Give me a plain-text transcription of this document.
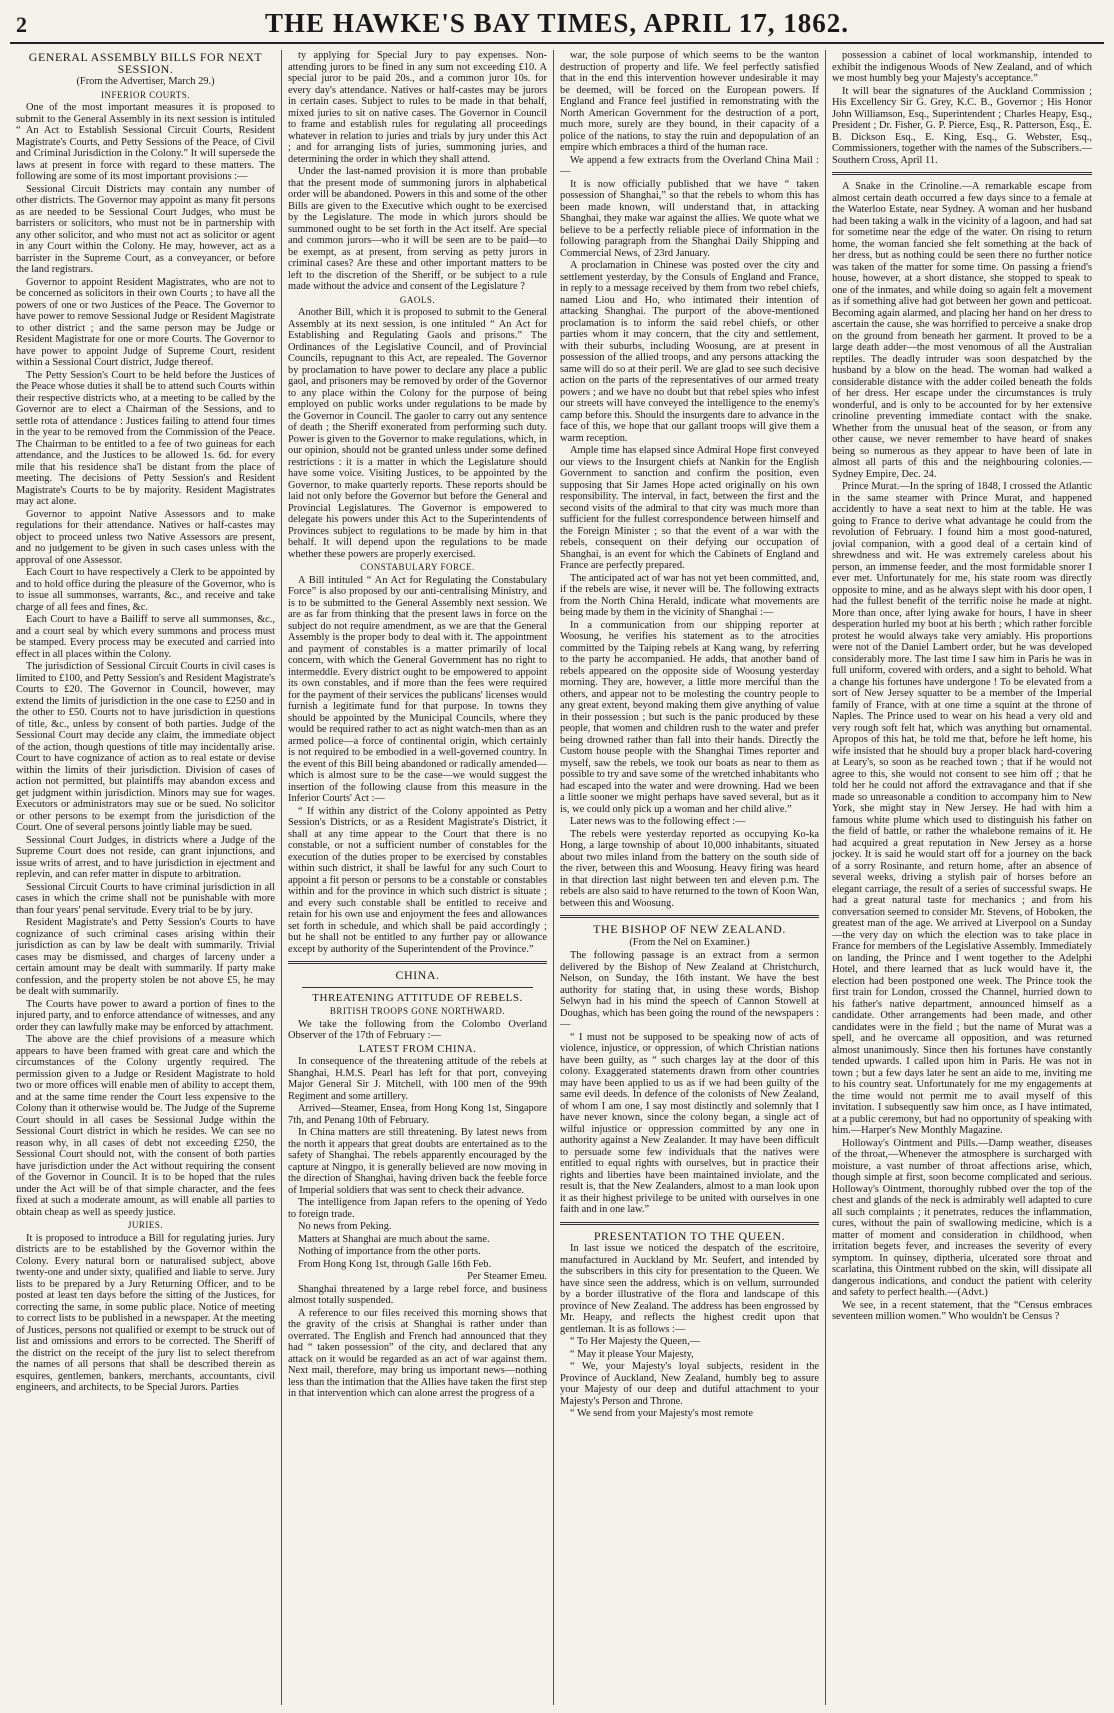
2	THE HAWKE'S BAY TIMES, APRIL 17, 1862.
GENERAL ASSEMBLY BILLS FOR NEXT SESSION.

(From the Advertiser, March 29.)

INFERIOR COURTS.

One of the most important measures it is proposed to submit to the General Assembly in its next session is intituled “ An Act to Establish Sessional Circuit Courts, Resident Magistrate's Courts, and Petty Sessions of the Peace, of Civil and Criminal Jurisdiction in the Colony.” It will supersede the laws at present in force with regard to these matters. The following are some of its most important provisions :—

Sessional Circuit Districts may contain any number of other districts. The Governor may appoint as many fit persons as are needed to be Sessional Court Judges, who must be barristers or solicitors, who must not be in partnership with any other solicitor, and who must not act as solicitor or agent in any Court within the Colony. He may, however, act as a barrister in the Supreme Court, as a conveyancer, or before the land registrars.

Governor to appoint Resident Magistrates, who are not to be concerned as solicitors in their own Courts ; to have all the powers of one or two Justices of the Peace. The Governor to have power to remove Sessional Judge or Resident Magistrate to other district ; and the same person may be Judge or Resident Magistrate for one or more Courts. The Governor to have power to appoint Judge of Supreme Court, resident within a Sessional Court district, Judge thereof.

The Petty Session's Court to be held before the Justices of the Peace whose duties it shall be to attend such Courts within their respective districts who, at a meeting to be called by the Governor are to elect a Chairman of the Sessions, and to settle rota of attendance : Justices failing to attend four times in the year to be removed from the Commission of the Peace. The Chairman to be entitled to a fee of two guineas for each attendance, and the Justices to be allowed 1s. 6d. for every mile that his residence sha'l be distant from the place of meeting. The decisions of Petty Session's and Resident Magistrate's Courts to be by majority. Resident Magistrates may act alone.

Governor to appoint Native Assessors and to make regulations for their attendance. Natives or half-castes may object to proceed unless two Native Assessors are present, and no judgement to be given in such cases unless with the approval of one Assessor.

Each Court to have respectively a Clerk to be appointed by and to hold office during the pleasure of the Governor, who is to issue all summonses, warrants, &c., and receive and take charge of all fees and fines, &c.

Each Court to have a Bailiff to serve all summonses, &c., and a court seal by which every summons and process must be stamped. Every process may be executed and carried into effect in all places within the Colony.

The jurisdiction of Sessional Circuit Courts in civil cases is limited to £100, and Petty Session's and Resident Magistrate's Courts to £20. The Governor in Council, however, may extend the limits of jurisdiction in the one case to £250 and in the other to £50. Courts not to have jurisdiction in questions of title, &c., unless by consent of both parties. Judge of the Sessional Court may decide any claim, the immediate object of the action, though questions of title may incidentally arise. Court to have cognizance of action as to real estate or devise within the limits of their jurisdiction. Division of cases of action not permitted, but plaintiffs may abandon excess and get judgment within jurisdiction. Minors may sue for wages. Executors or administrators may sue or be sued. No solicitor or other persons to be exempt from the jurisdiction of the Court. One of several persons jointly liable may be sued.

Sessional Court Judges, in districts where a Judge of the Supreme Court does not reside, can grant injunctions, and issue writs of arrest, and to have jurisdiction in ejectment and replevin, and can refer matter in dispute to arbitration.

Sessional Circuit Courts to have criminal jurisdiction in all cases in which the crime shall not be punishable with more than four years' penal servitude. Every trial to be by jury.

Resident Magistrate's and Petty Session's Courts to have cognizance of such criminal cases arising within their jurisdiction as can by law be dealt with summarily. Trivial cases may be dismissed, and charges of larceny under a certain amount may be dealt with summarily. If party make confession, and the property stolen be not above £5, he may be dealt with summarily.

The Courts have power to award a portion of fines to the injured party, and to enforce attendance of witnesses, and any order they can lawfully make may be enforced by attachment.

The above are the chief provisions of a measure which appears to have been framed with great care and which the circumstances of the Colony urgently required. The permission given to a Judge or Resident Magistrate to hold two or more offices will enable men of ability to accept them, and at the same time render the Court less expensive to the Colony than it otherwise would be. The Judge of the Supreme Court should in all cases be Sessional Judge within the Sessional Court district in which he resides. We can see no reason why, in all cases of debt not exceeding £250, the Sessional Court should not, with the consent of both parties have jurisdiction under the Act without requiring the consent of the Governor in Council. It is to be hoped that the rules under the Act will be of that simple character, and the fees fixed at such a moderate amount, as will enable all parties to obtain cheap as well as speedy justice.

JURIES.

It is proposed to introduce a Bill for regulating juries. Jury districts are to be established by the Governor within the Colony. Every natural born or naturalised subject, above twenty-one and under sixty, qualified and liable to serve. Jury lists to be prepared by a Jury Returning Officer, and to be posted at least ten days before the sitting of the Justices, for correcting the same, in some public place. Notice of meeting to correct lists to be published in a newspaper. At the meeting of Justices, persons not qualified or exempt to be struck out of list and omissions and errors to be corrected. The Sheriff of the district on the receipt of the jury list to select therefrom the names of all persons that shall be described therein as esquires, gentlemen, bankers, merchants, accountants, civil engineers, and architects, to be Special Jurors. Parties

ty applying for Special Jury to pay expenses. Non-attending jurors to be fined in any sum not exceeding £10. A special juror to be paid 20s., and a common juror 10s. for every day's attendance. Natives or half-castes may be jurors in certain cases. Subject to rules to be made in that behalf, mixed juries to sit on native cases. The Governor in Council to frame and establish rules for regulating all proceedings whatever in relation to juries and trials by jury under this Act ; and for arranging lists of juries, summoning juries, and determining the order in which they shall attend.

Under the last-named provision it is more than probable that the present mode of summoning jurors in alphabetical order will be abandoned. Powers in this and some of the other Bills are given to the Executive which ought to be exercised by the Legislature. The mode in which jurors should be summoned ought to be set forth in the Act itself. Are special and common jurors—who it will be seen are to be paid—to be exempt, as at present, from serving as petty jurors in criminal cases? Are these and other important matters to be left to the discretion of the Sheriff, or be subject to a rule made without the advice and consent of the Legislature ?

GAOLS.

Another Bill, which it is proposed to submit to the General Assembly at its next session, is one intituled “ An Act for Establishing and Regulating Gaols and prisons.” The Ordinances of the Legislative Council, and of Provincial Councils, repugnant to this Act, are repealed. The Governor by proclamation to have power to declare any place a public gaol, and prisoners may be removed by order of the Governor to any place within the Colony for the purpose of being employed on public works under regulations to be made by the Governor in Council. The gaoler to carry out any sentence of death ; the Sheriff exonerated from performing such duty. Power is given to the Governor to make regulations, which, in our opinion, should not be granted unless under some defined restrictions : it is a matter in which the Legislature should have some voice. Visiting Justices, to be appointed by the Governor, to make quarterly reports. These reports should be laid not only before the Governor but before the General and Provincial Legislatures. The Governor is empowered to delegate his powers under this Act to the Superintendents of Provinces subject to regulations to be made by him in that behalf. It will depend upon the regulations to be made whether these powers are properly exercised.

CONSTABULARY FORCE.

A Bill intituled “ An Act for Regulating the Constabulary Force” is also proposed by our anti-centralising Ministry, and is to be submitted to the General Assembly next session. We are as far from thinking that the present laws in force on the subject do not require amendment, as we are that the General Assembly is the proper body to deal with it. The appointment and payment of constables is a matter primarily of local concern, with which the General Government has no right to intermeddle. Every district ought to be empowered to appoint its own constables, and if more than the fees were required for the payment of their services the publicans' licenses would furnish a legitimate fund for that purpose. In towns they should be appointed by the Municipal Councils, where they would be required rather to act as night watch-men than as an armed police—a force of continental origin, which certainly is not required to be embodied in a well-governed country. In the event of this Bill being abandoned or radically amended—which is almost sure to be the case—we would suggest the insertion of the following clause from this measure in the Inferior Courts' Act :—

“ If within any district of the Colony appointed as Petty Session's Districts, or as a Resident Magistrate's District, it shall at any time appear to the Court that there is no constable, or not a sufficient number of constables for the execution of the duties proper to be exercised by constables within such district, it shall be lawful for any such Court to appoint a fit person or persons to be a constable or constables within and for the province in which such district is situate ; and every such constable shall be entitled to receive and retain for his own use and enjoyment the fees and allowances set forth in schedule, and which shall be paid accordingly ; but he shall not be entitled to any further pay or allowance except by authority of the Superintendent of the Province.”

CHINA.
THREATENING ATTITUDE OF REBELS.
BRITISH TROOPS GONE NORTHWARD.

We take the following from the Colombo Overland Observer of the 17th of February :—

LATEST FROM CHINA.

In consequence of the threatening attitude of the rebels at Shanghai, H.M.S. Pearl has left for that port, conveying Major General Sir J. Mitchell, with 100 men of the 99th Regiment and some artillery.

Arrived—Steamer, Ensea, from Hong Kong 1st, Singapore 7th, and Penang 10th of February.

In China matters are still threatening. By latest news from the north it appears that great doubts are entertained as to the safety of Shanghai. The rebels apparently encouraged by the capture at Ningpo, it is generally believed are now moving in the direction of Shanghai, having driven back the feeble force of Imperial soldiers that was sent to check their advance.

The intelligence from Japan refers to the opening of Yedo to foreign trade.

No news from Peking.

Matters at Shanghai are much about the same.

Nothing of importance from the other ports.

From Hong Kong 1st, through Galle 16th Feb.

Per Steamer Emeu.

Shanghai threatened by a large rebel force, and business almost totally suspended.

A reference to our files received this morning shows that the gravity of the crisis at Shanghai is rather under than overrated. The English and French had announced that they had “ taken possession” of the city, and declared that any attack on it would be regarded as an act of war against them. Next mail, therefore, may bring us important news—nothing less than the intimation that the Allies have taken the first step in that intervention which can alone arrest the progress of a

war, the sole purpose of which seems to be the wanton destruction of property and life. We feel perfectly satisfied that in the end this intervention however undesirable it may be deemed, will be forced on the European powers. If England and France feel justified in remonstrating with the North American Government for the destruction of a port, much more, surely are they bound, in their capacity of a police of the nations, to stay the ruin and depopulation of an empire which embraces a third of the human race.

We append a few extracts from the Overland China Mail :—

It is now officially published that we have “ taken possession of Shanghai,” so that the rebels to whom this has been made known, will understand that, in attacking Shanghai, they make war against the allies. We quote what we believe to be a perfectly reliable piece of information in the following paragraph from the Shanghai Daily Shipping and Commercial News, of 23rd January.

A proclamation in Chinese was posted over the city and settlement yesterday, by the Consuls of England and France, in reply to a message received by them from two rebel chiefs, named Liou and Ho, who intimated their intention of attacking Shanghai. The purport of the above-mentioned proclamation is to inform the said rebel chiefs, or other parties whom it may concern, that the city and settlement, with their suburbs, including Woosung, are at present in possession of the allied troops, and any persons attacking the same will do so at their peril. We are glad to see such decisive action on the parts of the representatives of our armed treaty powers ; and we have no doubt but that rebel spies who infest our streets will have conveyed the intelligence to the enemy's camp before this. Should the insurgents dare to advance in the face of this, we hope that our gallant troops will give them a warm reception.

Ample time has elapsed since Admiral Hope first conveyed our views to the Insurgent chiefs at Nankin for the English Government to sanction and confirm the position, even supposing that Sir James Hope acted originally on his own responsibility. The interval, in fact, between the first and the second visits of the admiral to that city was much more than sufficient for the fullest correspondence between himself and the Foreign Minister ; so that the event of a war with the rebels, consequent on their defying our occupation of Shanghai, is an event for which the Cabinets of England and France are perfectly prepared.

The anticipated act of war has not yet been committed, and, if the rebels are wise, it never will be. The following extracts from the North China Herald, indicate what movements are being made by them in the vicinity of Shanghai :—

In a communication from our shipping reporter at Woosung, he verifies his statement as to the atrocities committed by the Taiping rebels at Kang wang, by referring to the party he accompanied. He adds, that another band of rebels appeared on the opposite side of Woosung yesterday morning. They are, however, a little more merciful than the others, and appear not to be molesting the country people to any great extent, beyond making them give anything of value in their possession ; but such is the panic produced by these people, that women and children rush to the water and prefer being drowned rather than fall into their hands. Directly the Custom house people with the Shanghai Times reporter and myself, saw the rebels, we took our boats as near to them as possible to try and save some of the wretched inhabitants who had escaped into the water and were drowning. Had we been a little sooner we might perhaps have saved several, but as it is, we could only pick up a woman and her child alive.”

Later news was to the following effect :—

The rebels were yesterday reported as occupying Ko-ka Hong, a large township of about 10,000 inhabitants, situated about two miles inland from the battery on the south side of the river, between this and Woosung. Heavy firing was heard in that direction last night between ten and eleven p.m. The rebels are also said to have returned to the town of Koon Wan, between this and Woosung.

THE BISHOP OF NEW ZEALAND.

(From the Nel on Examiner.)

The following passage is an extract from a sermon delivered by the Bishop of New Zealand at Christchurch, Nelson, on Sunday, the 16th instant. We have the best authority for stating that, in using these words, Bishop Selwyn had in his mind the speech of Cannon Stowell at Doughas, which has been going the round of the newspapers :—

“ I must not be supposed to be speaking now of acts of violence, injustice, or oppression, of which Christian nations have been guilty, as “ such charges lay at the door of this colony. Exaggerated statements drawn from other countries may have been applied to us as if we had been guilty of the same evil deeds. In defence of the colonists of New Zealand, of whom I am one, I say most distinctly and solemnly that I have never known, since the colony began, a single act of wilful injustice or oppression committed by any one in authority against a New Zealander. It may have been difficult to persuade some few individuals that the natives were entitled to equal rights with ourselves, but in practice their rights and liberties have been maintained inviolate, and the result is, that the New Zealanders, almost to a man look upon it as their highest privilege to be united with ourselves in one faith and in one law.”

PRESENTATION TO THE QUEEN.

In last issue we noticed the despatch of the escritoire, manufactured in Auckland by Mr. Seufert, and intended by the subscribers in this city for presentation to the Queen. We have since seen the address, which is on vellum, surrounded by a border illustrative of the flora and landscape of this province of New Zealand. The address has been engrossed by Mr. Heapy, and reflects the highest credit upon that gentleman. It is as follows :—

“ To Her Majesty the Queen,—

“ May it please Your Majesty,

“ We, your Majesty's loyal subjects, resident in the Province of Auckland, New Zealand, humbly beg to assure your Majesty of our deep and dutiful attachment to your Majesty's Person and Throne.

“ We send from your Majesty's most remote

possession a cabinet of local workmanship, intended to exhibit the indigenous Woods of New Zealand, and of which we most humbly beg your Majesty's acceptance.”

It will bear the signatures of the Auckland Commission ; His Excellency Sir G. Grey, K.C. B., Governor ; His Honor John Williamson, Esq., Superintendent ; Charles Heapy, Esq., President ; Dr. Fisher, G. P. Pierce, Esq., R. Patterson, Esq., E. B. Dickson Esq., E. King, Esq., G. Webster, Esq., Commissioners, together with the names of the Subscribers.—Southern Cross, April 11.

A Snake in the Crinoline.—A remarkable escape from almost certain death occurred a few days since to a female at the Waterloo Estate, near Sydney. A woman and her husband had been taking a walk in the vicinity of a lagoon, and had sat for sometime near the edge of the water. On rising to return home, the woman fancied she felt something at the back of her dress, but as nothing could be seen there no further notice was taken of the matter for some time. On passing a friend's house, however, at a short distance, she stopped to speak to one of the inmates, and while doing so again felt a movement as if something alive had got between her gown and petticoat. Becoming again alarmed, and placing her hand on her dress to ascertain the cause, she was horrified to perceive a snake drop on the ground from beneath her garment. It proved to be a large death adder—the most venomous of all the Australian reptiles. The deadly intruder was soon despatched by the husband by a blow on the head. The woman had walked a considerable distance with the adder coiled beneath the folds of her dress. Her escape under the circumstances is truly wonderful, and is only to be accounted for by her extensive crinoline preventing immediate contact with the snake. Whether from the unusual heat of the season, or from any other cause, we never remember to have heard of snakes being so numerous as they appear to have been of late in almost all parts of this and the neighbouring colonies.—Sydney Empire, Dec. 24.

Prince Murat.—In the spring of 1848, I crossed the Atlantic in the same steamer with Prince Murat, and happened accidently to have a seat next to him at the table. He was going to France to derive what advantage he could from the revolution of February. I found him a most good-natured, jovial companion, with a good deal of a certain kind of shrewdness and wit. He was extremely careless about his person, an immense feeder, and the most formidable snorer I ever met. Unfortunately for me, his state room was directly opposite to mine, and as he always slept with his door open, I had the fullest benefit of the terrific noise he made at night. More than once, after lying awake for hours, I have in sheer desperation hurled my boot at his berth ; which rather forcible protest he would always take very amiably. His proportions were not of the Daniel Lambert order, but he was developed considerably more. The last time I saw him in Paris he was in full uniform, covered with orders, and a sight to behold. What a change his fortunes have undergone ! To be elevated from a sort of New Jersey squatter to be a member of the Imperial family of France, with at one time a squint at the throne of Naples. The Prince used to wear on his head a very old and very rough soft felt hat, which was anything but ornamental. Apropos of this hat, he told me that, before he left home, his wife insisted that he should buy a proper black hard-covering at Leary's, so soon as he reached town ; that if he would not agree to this, she would not consent to see him off ; that he told her he could not afford the extravagance and that if she made so unreasonable a condition to accompany him to New York, she might stay in New Jersey. He had with him a famous white plume which used to distinguish his father on the field of battle, or rather the whalebone remains of it. He had acquired a great reputation in New Jersey as a horse jockey. It is said he would start off for a journey on the back of a sorry Rosinante, and return home, after an absence of several weeks, driving a stylish pair of horses before an elegant carriage, the result of a series of successful swaps. He had a great natural taste for mechanics ; and from his conversation seemed to consider Mr. Stevens, of Hoboken, the greatest man of the age. We arrived at Liverpool on a Sunday—the very day on which the election was to take place in France for members of the Legislative Assembly. Immediately on landing, the Prince and I went together to the Adelphi Hotel, and there learned that as luck would have it, the election had been postponed one week. The Prince took the first train for London, crossed the Channel, hurried down to his father's native department, announced himself as a candidate. Other arrangements had been made, and other candidates were in the field ; but the name of Murat was a spell, and he overcame all opposition, and was returned almost unanimously. Since then his fortunes have constantly tended upwards. I called upon him in Paris. He was not in town ; but a few days later he sent an aide to me, inviting me to his country seat. Unfortunately for me my engagements at the time would not permit me to avail myself of this invitation. I subsequently saw him once, as I have intimated, at a public ceremony, but had no opportunity of speaking with him.—Harper's New Monthly Magazine.

Holloway's Ointment and Pills.—Damp weather, diseases of the throat,—Whenever the atmosphere is surcharged with moisture, a vast number of throat affections arise, which, though simple at first, soon become complicated and serious. Holloway's Ointment, thoroughly rubbed over the top of the chest and glands of the neck is admirably well adapted to cure all such complaints ; it penetrates, reduces the inflammation, cures, without the pain of swallowing medicine, which is a matter of moment and consideration in childhood, when irritation begets fever, and increases the severity of every symptom. In quinsey, diptheria, ulcerated sore throat and scarlatina, this Ointment rubbed on the skin, will dissipate all dangerous indications, and conduct the patient with celerity and safety to perfect health.—(Advt.)

We see, in a recent statement, that the “Census embraces seventeen million women.” Who wouldn't be Census ?
